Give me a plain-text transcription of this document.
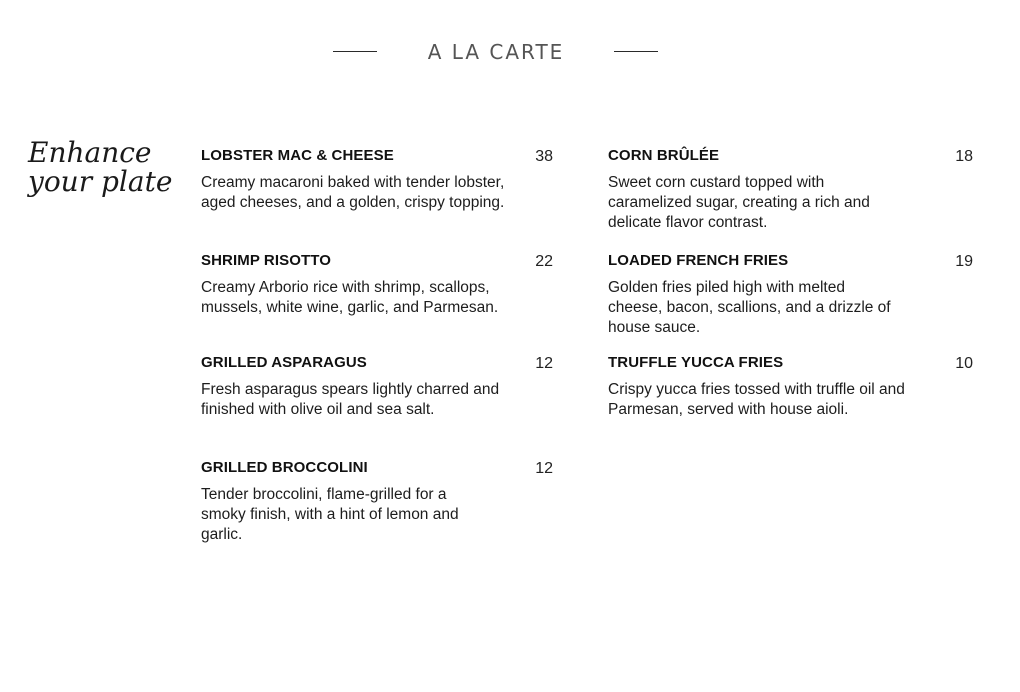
A LA CARTE
Enhance
your plate
LOBSTER MAC & CHEESE	38
Creamy macaroni baked with tender lobster, aged cheeses, and a golden, crispy topping.
SHRIMP RISOTTO	22
Creamy Arborio rice with shrimp, scallops, mussels, white wine, garlic, and Parmesan.
GRILLED ASPARAGUS	12
Fresh asparagus spears lightly charred and finished with olive oil and sea salt.
GRILLED BROCCOLINI	12
Tender broccolini, flame-grilled for a smoky finish, with a hint of lemon and garlic.
CORN BRÛLÉE	18
Sweet corn custard topped with caramelized sugar, creating a rich and delicate flavor contrast.
LOADED FRENCH FRIES	19
Golden fries piled high with melted cheese, bacon, scallions, and a drizzle of house sauce.
TRUFFLE YUCCA FRIES	10
Crispy yucca fries tossed with truffle oil and Parmesan, served with house aioli.
